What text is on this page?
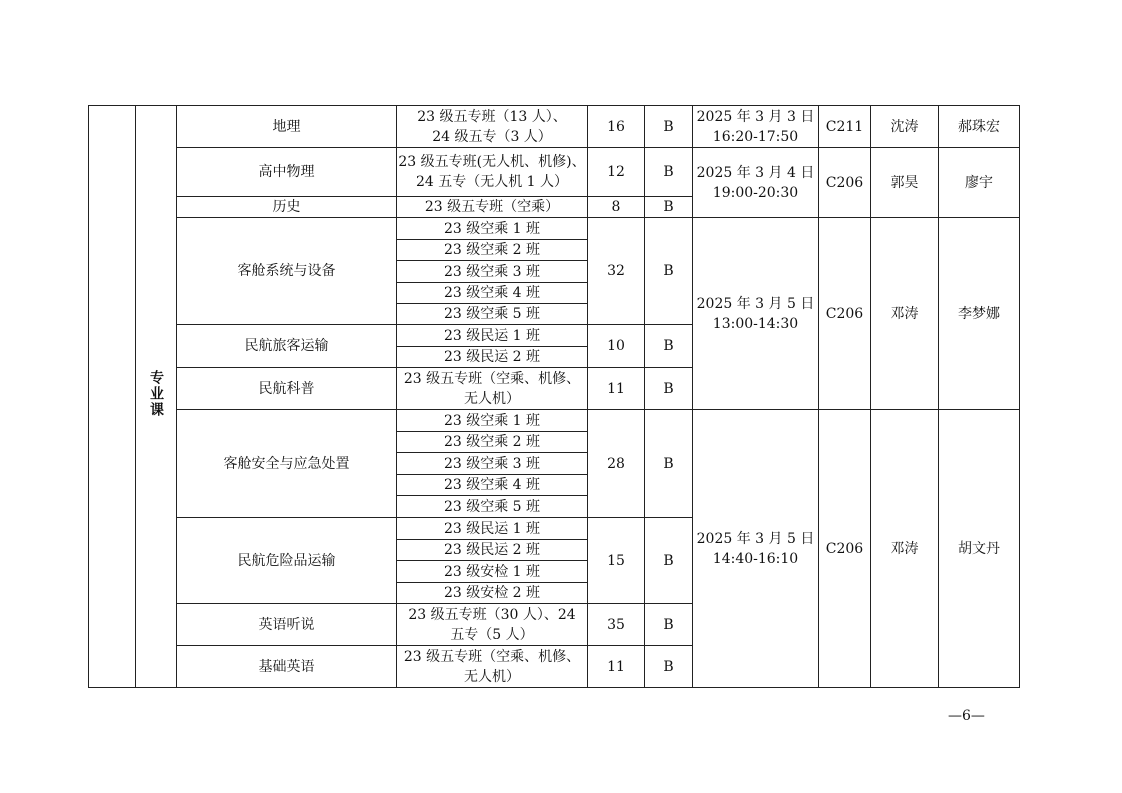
	专业课	地理	23 级五专班（13 人）、
24 级五专（3 人）	16	B	2025 年 3 月 3 日
16:20-17:50	C211	沈涛	郝珠宏
		高中物理	23 级五专班(无人机、机修)、
24 五专（无人机 1 人）	12	B	2025 年 3 月 4 日
19:00-20:30	C206	郭昊	廖宇
		历史	23 级五专班（空乘）	8	B				
		客舱系统与设备	23 级空乘 1 班	32	B	2025 年 3 月 5 日
13:00-14:30	C206	邓涛	李梦娜

			23 级空乘 2 班						

			23 级空乘 3 班						

			23 级空乘 4 班						

			23 级空乘 5 班						

		民航旅客运输	23 级民运 1 班	10	B				

			23 级民运 2 班						

		民航科普	23 级五专班（空乘、机修、
无人机）	11	B				
		客舱安全与应急处置	23 级空乘 1 班	28	B	2025 年 3 月 5 日
14:40-16:10	C206	邓涛	胡文丹

			23 级空乘 2 班						

			23 级空乘 3 班						

			23 级空乘 4 班						

			23 级空乘 5 班						

		民航危险品运输	23 级民运 1 班	15	B				

			23 级民运 2 班						

			23 级安检 1 班						

			23 级安检 2 班						

		英语听说	23 级五专班（30 人）、24
五专（5 人）	35	B				
		基础英语	23 级五专班（空乘、机修、
无人机）	11	B				
—6—
